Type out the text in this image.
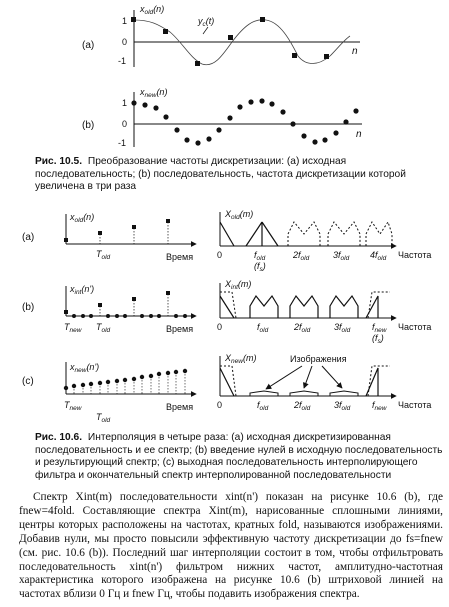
(a)
$x_{old}(n)$
1
0
-1
n
$y_c(t)$
(b)
$x_{new}(n)$
1
0
-1
n
Рис. 10.5. Преобразование частоты дискретизации: (a) исходная последовательность; (b) последовательность, частота дискретизации которой увеличена в три раза
(a)
$x_{old}(n)$
$T_{old}$	Время
$X_{old}(m)$
0	$f_{old}$
$(f_s)$
$2f_{old}$	$3f_{old}$ $4f_{old}$ Частота
(b)
$x_{int}(n')$
$T_{new}$ $T_{old}$	Время
$X_{int}(m)$
0	$f_{old}$	$2f_{old}$	$3f_{old}$ $f_{new}$
$(f_s)$
Частота
(c)
$x_{new}(n')$
$T_{new}$
$T_{old}$
Время
$X_{new}(m)$	Изображения
0	$f_{old}$	$2f_{old}$	$3f_{old}$ $f_{new}$ Частота
Рис. 10.6. Интерполяция в четыре раза: (a) исходная дискретизированная последовательность и ее спектр; (b) введение нулей в исходную последовательность и результирующий спектр; (c) выходная последовательность интерполирующего фильтра и окончательный спектр интерполированной последовательности
Спектр Xint(m) последовательности xint(n') показан на рисунке 10.6 (b), где fnew=4fold. Составляющие спектра Xint(m), нарисованные сплошными линиями, центры которых расположены на частотах, кратных fold, называются изображениями. Добавив нули, мы просто повысили эффективную частоту дискретизации до fs=fnew (см. рис. 10.6 (b)). Последний шаг интерполяции состоит в том, чтобы отфильтровать последовательность xint(n') фильтром нижних частот, амплитудно-частотная характеристика которого изображена на рисунке 10.6 (b) штриховой линией на частотах вблизи 0 Гц и fnew Гц, чтобы подавить изображения спектра.
